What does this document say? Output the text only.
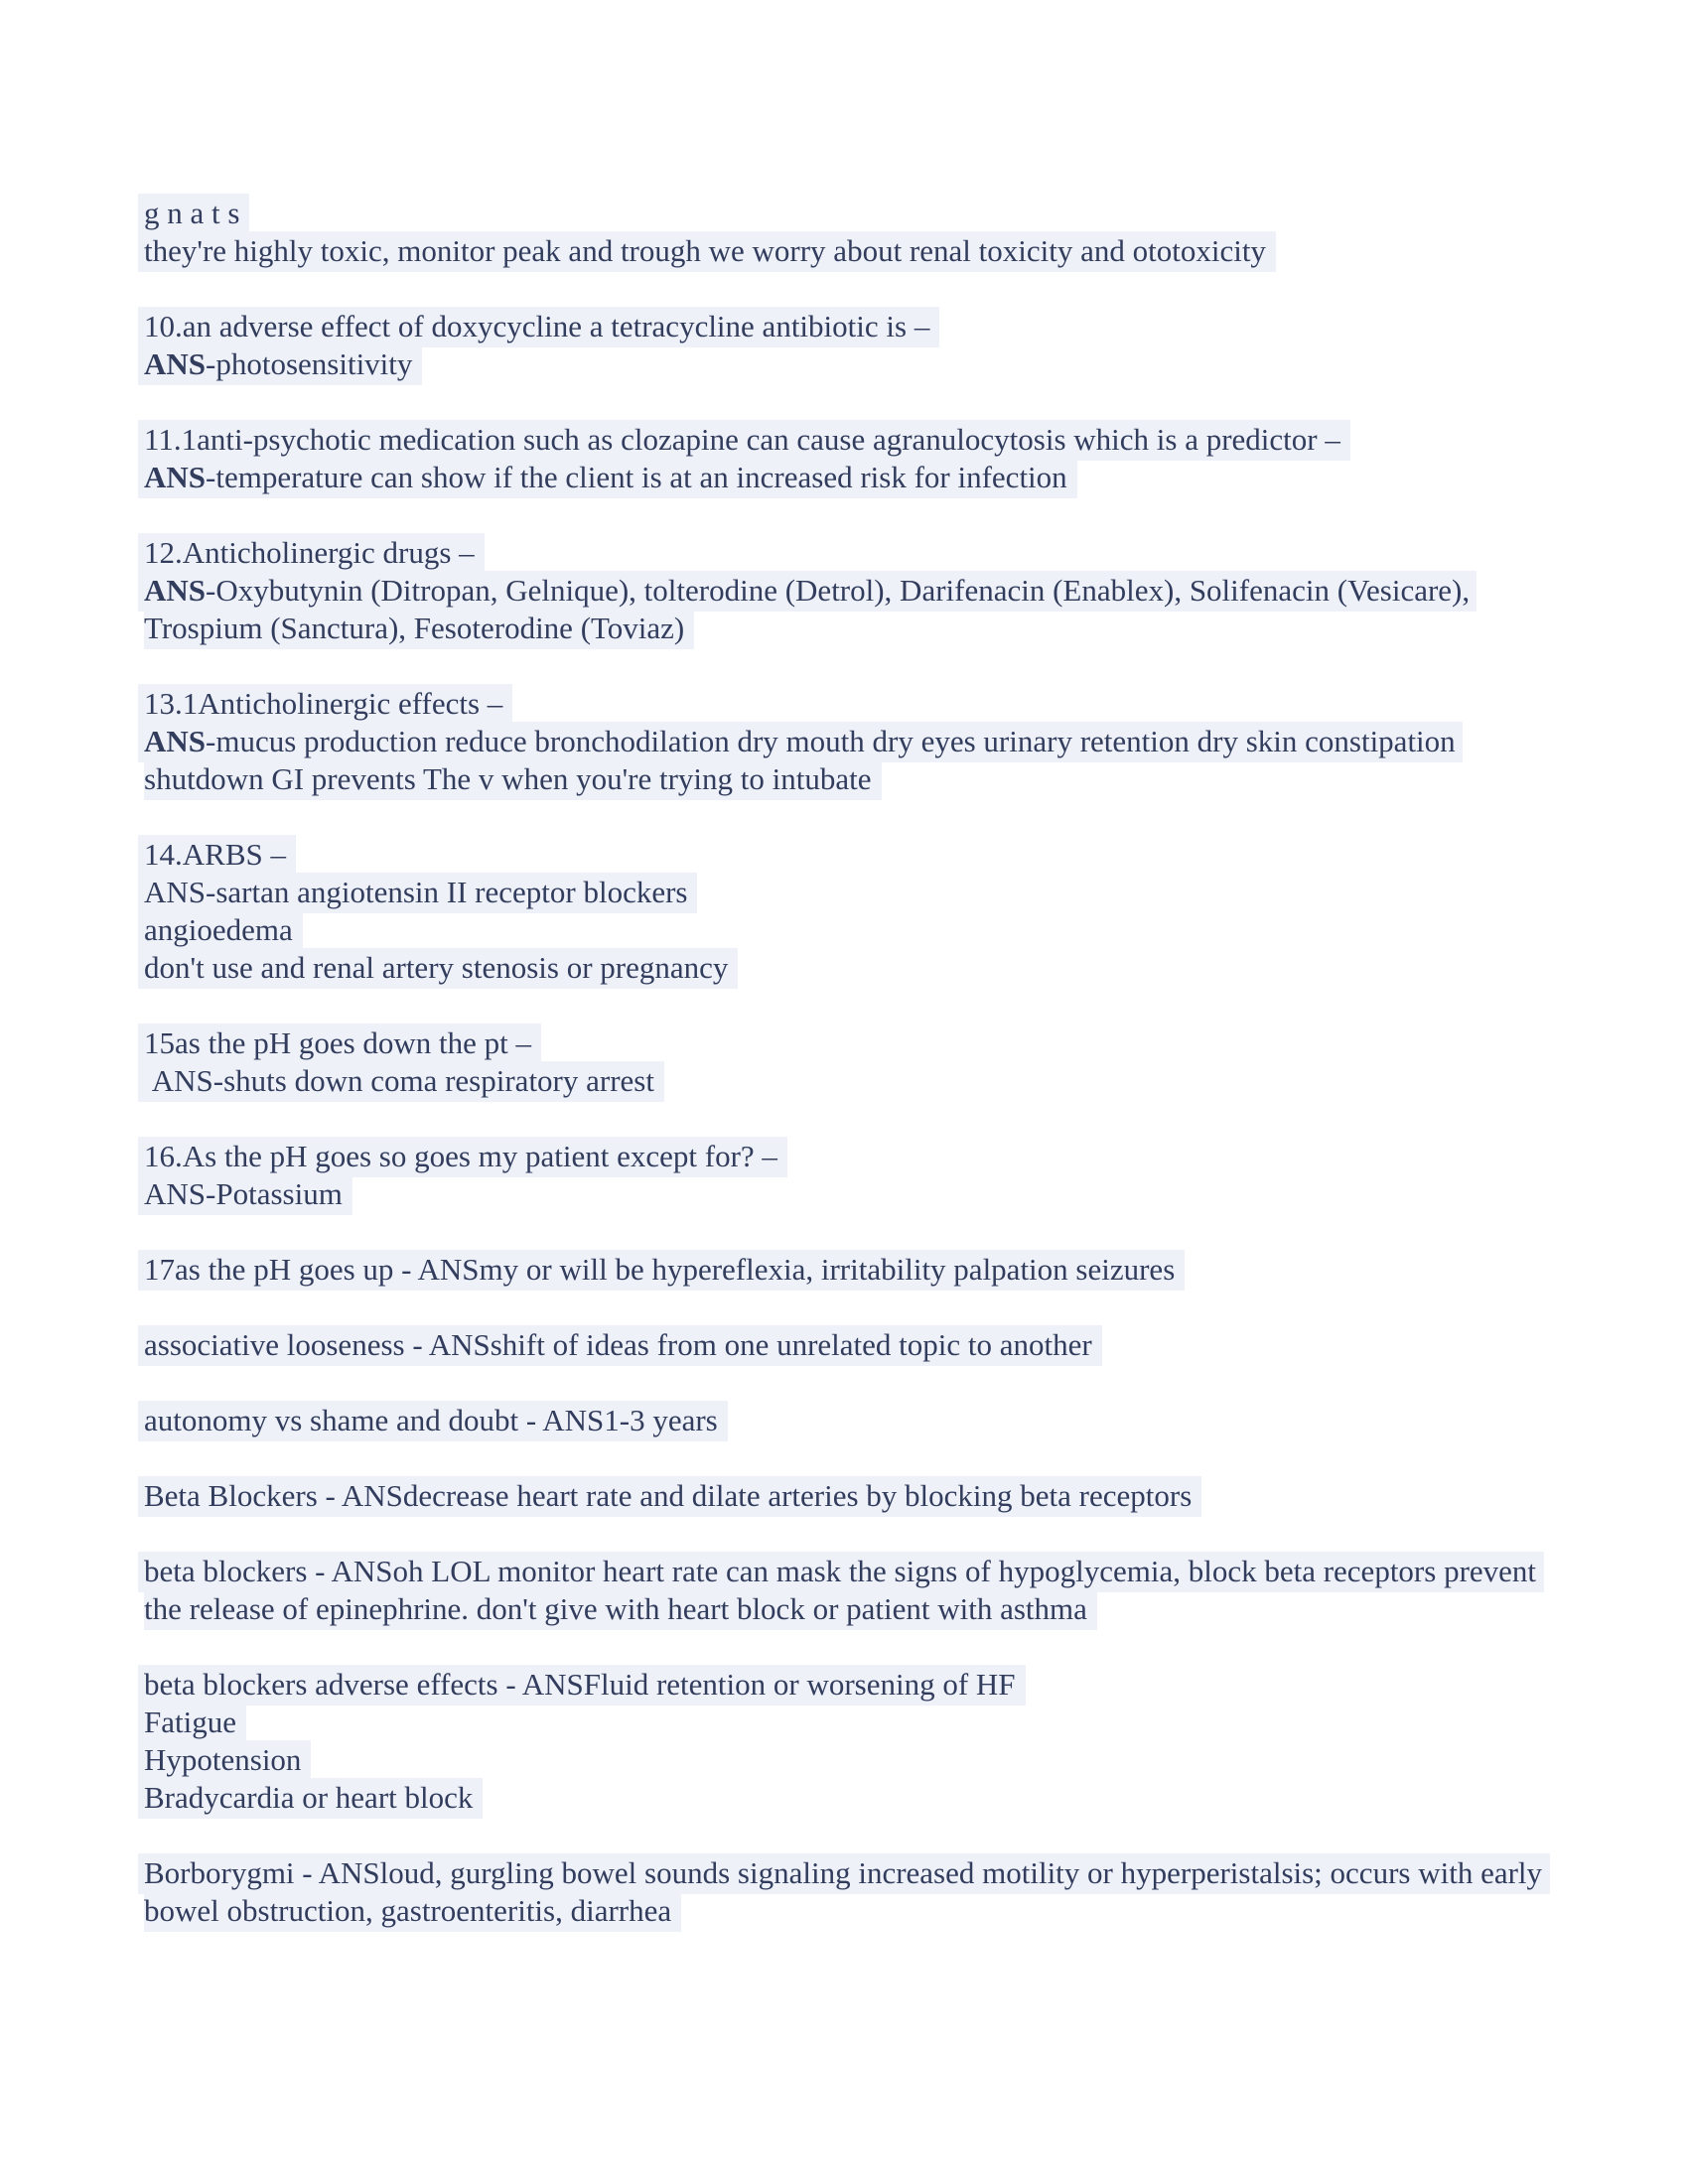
g n a t s
they're highly toxic, monitor peak and trough we worry about renal toxicity and ototoxicity

10.an adverse effect of doxycycline a tetracycline antibiotic is –
ANS-photosensitivity

11.1anti-psychotic medication such as clozapine can cause agranulocytosis which is a predictor –
ANS-temperature can show if the client is at an increased risk for infection

12.Anticholinergic drugs –
ANS-Oxybutynin (Ditropan, Gelnique), tolterodine (Detrol), Darifenacin (Enablex), Solifenacin (Vesicare), Trospium (Sanctura), Fesoterodine (Toviaz)

13.1Anticholinergic effects –
ANS-mucus production reduce bronchodilation dry mouth dry eyes urinary retention dry skin constipation shutdown GI prevents The v when you're trying to intubate

14.ARBS –
ANS-sartan angiotensin II receptor blockers
angioedema
don't use and renal artery stenosis or pregnancy

15as the pH goes down the pt –
ANS-shuts down coma respiratory arrest

16.As the pH goes so goes my patient except for? –
ANS-Potassium

17as the pH goes up - ANSmy or will be hypereflexia, irritability palpation seizures

associative looseness - ANSshift of ideas from one unrelated topic to another

autonomy vs shame and doubt - ANS1-3 years

Beta Blockers - ANSdecrease heart rate and dilate arteries by blocking beta receptors

beta blockers - ANSoh LOL monitor heart rate can mask the signs of hypoglycemia, block beta receptors prevent the release of epinephrine. don't give with heart block or patient with asthma

beta blockers adverse effects - ANSFluid retention or worsening of HF
Fatigue
Hypotension
Bradycardia or heart block

Borborygmi - ANSloud, gurgling bowel sounds signaling increased motility or hyperperistalsis; occurs with early bowel obstruction, gastroenteritis, diarrhea
